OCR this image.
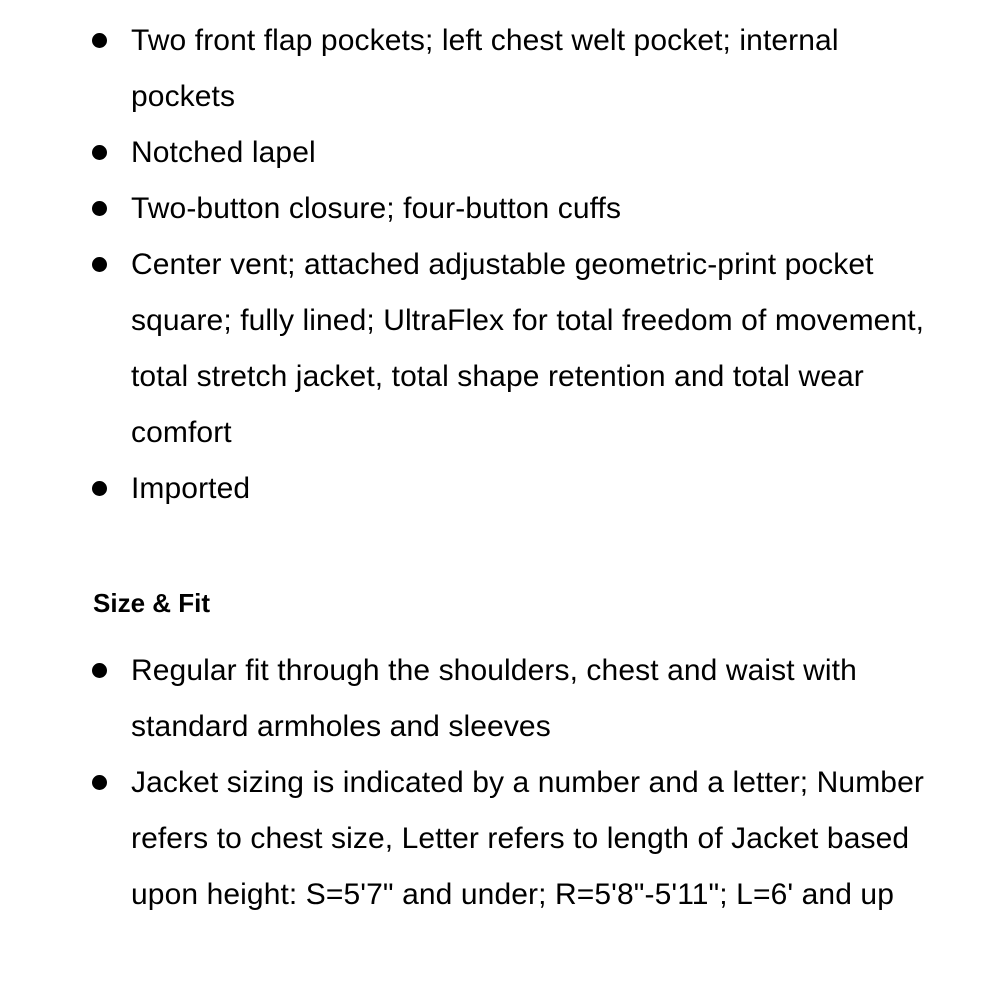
Two front flap pockets; left chest welt pocket; internal pockets
Notched lapel
Two-button closure; four-button cuffs
Center vent; attached adjustable geometric-print pocket square; fully lined; UltraFlex for total freedom of movement, total stretch jacket, total shape retention and total wear comfort
Imported
Size & Fit
Regular fit through the shoulders, chest and waist with standard armholes and sleeves
Jacket sizing is indicated by a number and a letter; Number refers to chest size, Letter refers to length of Jacket based upon height: S=5'7" and under; R=5'8"-5'11"; L=6' and up
